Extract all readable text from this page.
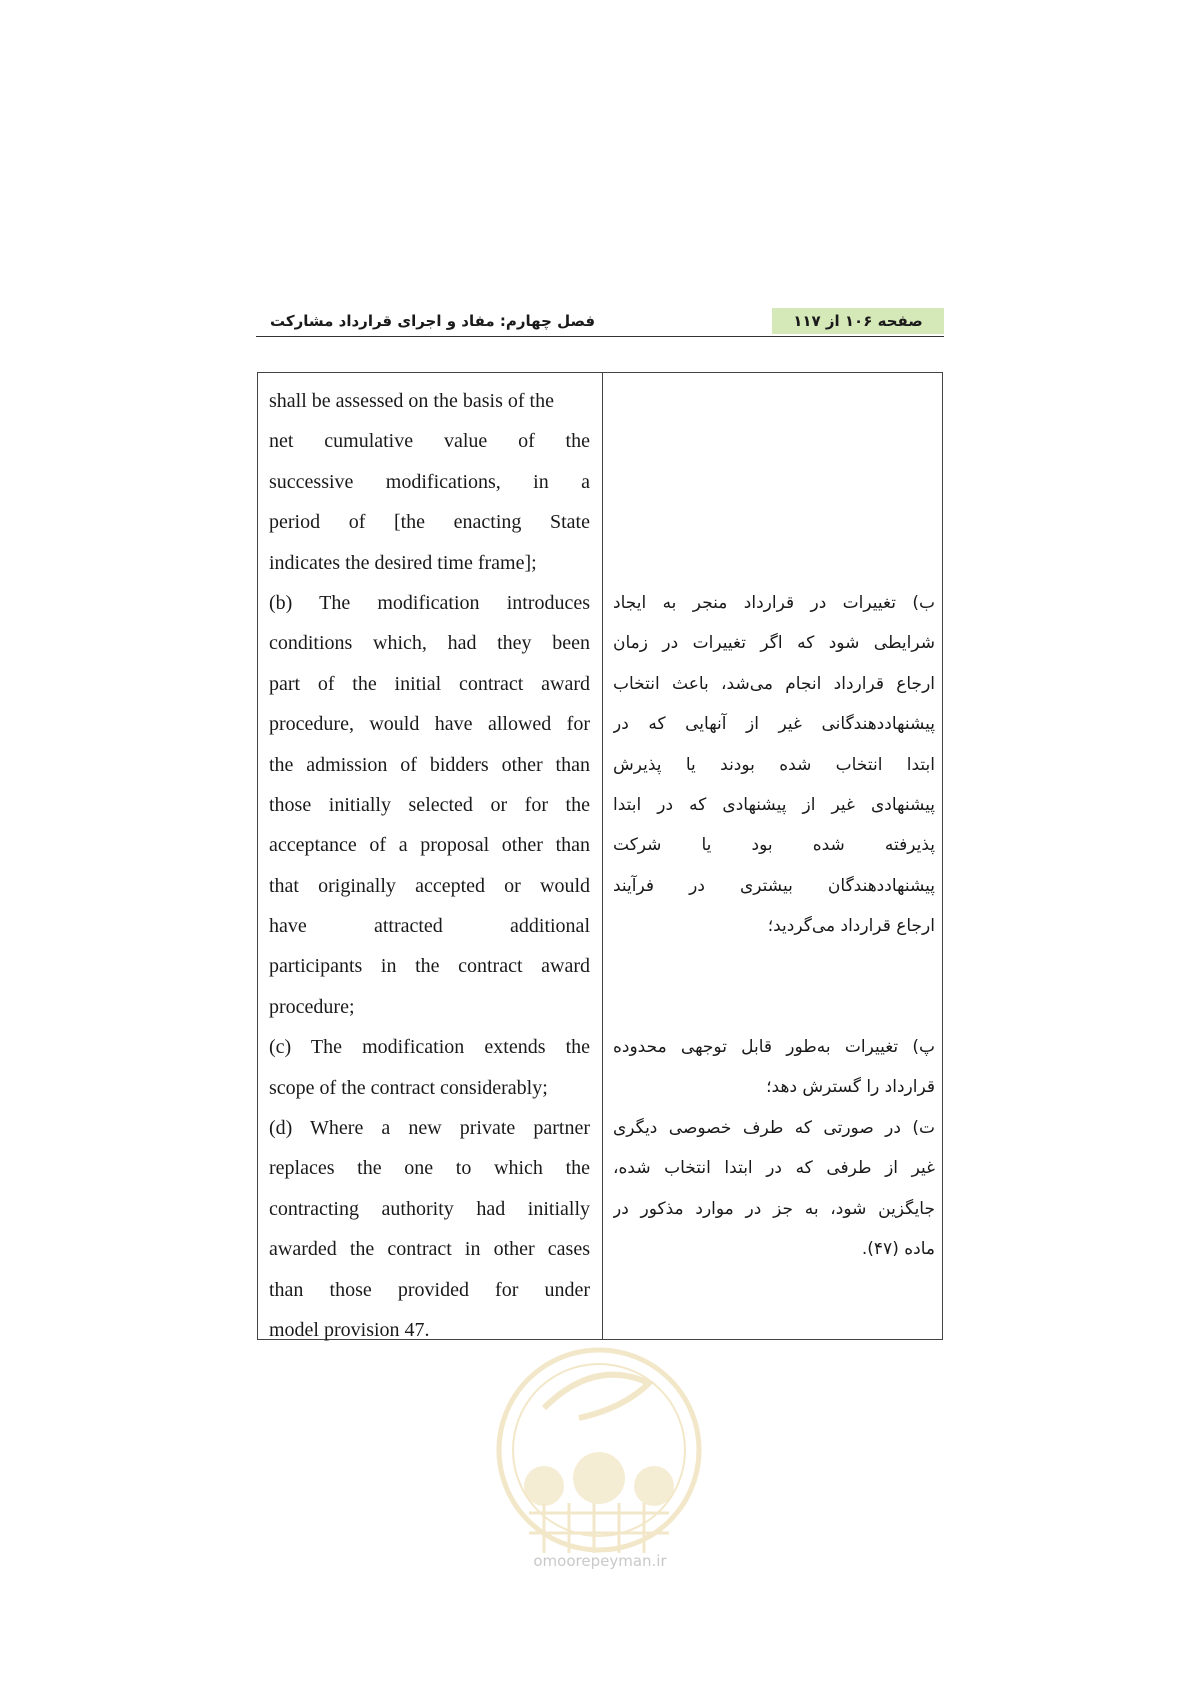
صفحه ۱۰۶ از ۱۱۷
فصل چهارم: مفاد و اجرای قرارداد مشارکت
shall be assessed on the basis of the
net cumulative value of the
successive modifications, in a
period of [the enacting State
indicates the desired time frame];
(b) The modification introduces
conditions which, had they been
part of the initial contract award
procedure, would have allowed for
the admission of bidders other than
those initially selected or for the
acceptance of a proposal other than
that originally accepted or would
have attracted additional
participants in the contract award
procedure;
(c) The modification extends the
scope of the contract considerably;
(d) Where a new private partner
replaces the one to which the
contracting authority had initially
awarded the contract in other cases
than those provided for under
model provision 47.
ب) تغییرات در قرارداد منجر به ایجاد
شرایطی شود که اگر تغییرات در زمان
ارجاع قرارداد انجام می‌شد، باعث انتخاب
پیشنهاددهندگانی غیر از آنهایی که در
ابتدا انتخاب شده بودند یا پذیرش
پیشنهادی غیر از پیشنهادی که در ابتدا
پذیرفته شده بود یا شرکت
پیشنهاددهندگان بیشتری در فرآیند
ارجاع قرارداد می‌گردید؛
پ) تغییرات به‌طور قابل توجهی محدوده
قرارداد را گسترش دهد؛
ت) در صورتی که طرف خصوصی دیگری
غیر از طرفی که در ابتدا انتخاب شده،
جایگزین شود، به جز در موارد مذکور در
ماده (۴۷).
omoorepeyman.ir
